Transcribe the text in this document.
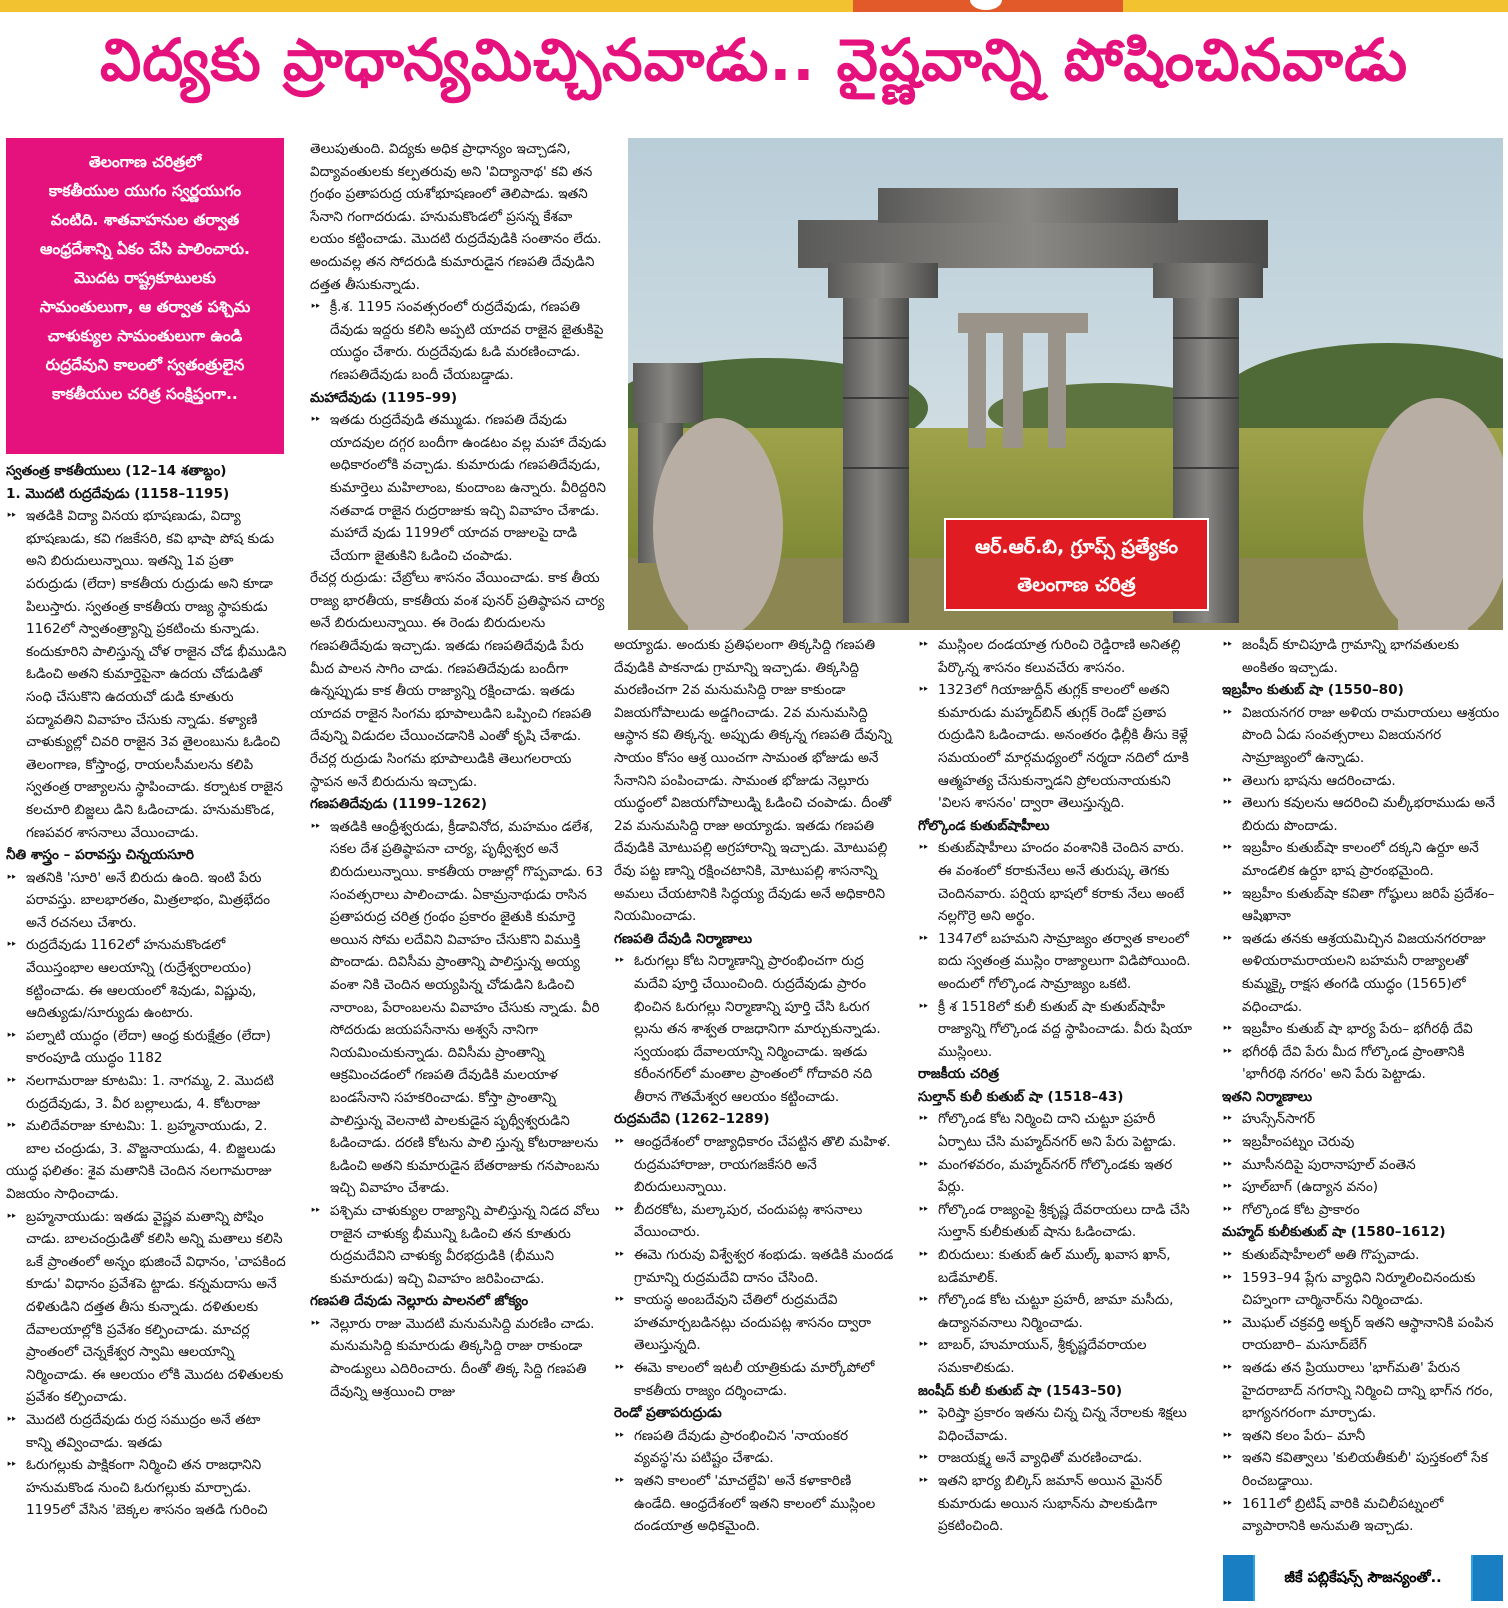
విద్యకు ప్రాధాన్యమిచ్చినవాడు.. వైష్ణవాన్ని పోషించినవాడు
తెలంగాణ చరిత్రలో
కాకతీయుల యుగం స్వర్ణయుగం
వంటిది. శాతవాహనుల తర్వాత
ఆంధ్రదేశాన్ని ఏకం చేసి పాలించారు.
మొదట రాష్ట్రకూటులకు
సామంతులుగా, ఆ తర్వాత పశ్చిమ
చాళుక్యుల సామంతులుగా ఉండి
రుద్రదేవుని కాలంలో స్వతంత్రులైన
కాకతీయుల చరిత్ర సంక్షిప్తంగా..

స్వతంత్ర కాకతీయులు (12–14 శతాబ్దం)

1. మొదటి రుద్రదేవుడు (1158–1195)

⯈⯈ ఇతడికి విద్యా వినయ భూషణుడు, విద్యా భూషణుడు, కవి గజకేసరి, కవి భాషా పోష కుడు అని బిరుదులున్నాయి. ఇతన్ని 1వ ప్రతా పరుద్రుడు (లేదా) కాకతీయ రుద్రుడు అని కూడా పిలుస్తారు. స్వతంత్ర కాకతీయ రాజ్య స్థాపకుడు 1162లో స్వాతంత్ర్యాన్ని ప్రకటించు కున్నాడు. కందుకూరిని పాలిస్తున్న చోళ రాజైన చోడ భీముడిని ఓడించి అతని కుమార్తెపైనా ఉదయ చోడుడితో సంధి చేసుకొని ఉదయచో డుడి కూతురు పద్మావతిని వివాహం చేసుకు న్నాడు. కళ్యాణి చాళుక్యుల్లో చివరి రాజైన 3వ తైలంబును ఓడించి తెలంగాణ, కోస్తాంధ్ర, రాయలసీమలను కలిపి స్వతంత్ర రాజ్యాలను స్థాపించాడు. కర్నాటక రాజైన కలచూరి బిజ్జలు డిని ఓడించాడు. హనుమకొండ, గణపవర శాసనాలు వేయించాడు.

నీతి శాస్త్రం – పరావస్తు చిన్నయసూరి

⯈⯈ ఇతనికి 'సూరి' అనే బిరుదు ఉంది. ఇంటి పేరు పరావస్తు. బాలభారతం, మిత్రలాభం, మిత్రభేదం అనే రచనలు చేశారు.

⯈⯈ రుద్రదేవుడు 1162లో హనుమకొండలో వేయిస్తంభాల ఆలయాన్ని (రుద్రేశ్వరాలయం) కట్టించాడు. ఈ ఆలయంలో శివుడు, విష్ణువు, ఆదిత్యుడు/సూర్యుడు ఉంటారు.

⯈⯈ పల్నాటి యుద్ధం (లేదా) ఆంధ్ర కురుక్షేత్రం (లేదా) కారంపూడి యుద్ధం 1182

⯈⯈ నలగామరాజు కూటమి: 1. నాగమ్మ, 2. మొదటి రుద్రదేవుడు, 3. వీర బల్లాలుడు, 4. కోటరాజు

⯈⯈ మలిదేవరాజు కూటమి: 1. బ్రహ్మనాయుడు, 2. బాల చంద్రుడు, 3. వొజ్జనాయుడు, 4. బిజ్జలుడు

యుద్ధ ఫలితం: శైవ మతానికి చెందిన నలగామరాజు విజయం సాధించాడు.

⯈⯈ బ్రహ్మనాయుడు: ఇతడు వైష్ణవ మతాన్ని పోషిం చాడు. బాలచంద్రుడితో కలిసి అన్ని మతాలు కలిసి ఒకే ప్రాంతంలో అన్నం భుజించే విధానం, 'చాపకింద కూడు' విధానం ప్రవేశపె ట్టాడు. కన్నమదాసు అనే దళితుడిని దత్తత తీసు కున్నాడు. దళితులకు దేవాలయాల్లోకి ప్రవేశం కల్పించాడు. మాచర్ల ప్రాంతంలో చెన్నకేశ్వర స్వామి ఆలయాన్ని నిర్మించాడు. ఈ ఆలయం లోకి మొదట దళితులకు ప్రవేశం కల్పించాడు.

⯈⯈ మొదటి రుద్రదేవుడు రుద్ర సముద్రం అనే తటా కాన్ని తవ్వించాడు. ఇతడు

⯈⯈ ఓరుగల్లుకు పాక్షికంగా నిర్మించి తన రాజధానిని హనుమకొండ నుంచి ఓరుగల్లుకు మార్చాడు. 1195లో వేసిన 'బెక్కల శాసనం ఇతడి గురించి

తెలుపుతుంది. విద్యకు అధిక ప్రాధాన్యం ఇచ్చాడని, విద్యావంతులకు కల్పతరువు అని 'విద్యానాథ' కవి తన గ్రంథం ప్రతాపరుద్ర యశోభూషణంలో తెలిపాడు. ఇతని సేనాని గంగాదరుడు. హనుమకొండలో ప్రసన్న కేశవా లయం కట్టించాడు. మొదటి రుద్రదేవుడికి సంతానం లేదు. అందువల్ల తన సోదరుడి కుమారుడైన గణపతి దేవుడిని దత్తత తీసుకున్నాడు.

⯈⯈ క్రీ.శ. 1195 సంవత్సరంలో రుద్రదేవుడు, గణపతి దేవుడు ఇద్దరు కలిసి అప్పటి యాదవ రాజైన జైతుకిపై యుద్ధం చేశారు. రుద్రదేవుడు ఓడి మరణించాడు. గణపతిదేవుడు బందీ చేయబడ్డాడు.

మహాదేవుడు (1195–99)

⯈⯈ ఇతడు రుద్రదేవుడి తమ్ముడు. గణపతి దేవుడు యాదవుల దగ్గర బందీగా ఉండటం వల్ల మహా దేవుడు అధికారంలోకి వచ్చాడు. కుమారుడు గణపతిదేవుడు, కుమార్తెలు మహిలాంబ, కుందాంబ ఉన్నారు. వీరిద్దరిని నతవాడ రాజైన రుద్రరాజుకు ఇచ్చి వివాహం చేశాడు. మహాదే వుడు 1199లో యాదవ రాజులపై దాడి చేయగా జైతుకిని ఓడించి చంపాడు.

రేచర్ల రుద్రుడు: చేబ్రోలు శాసనం వేయించాడు. కాక తీయ రాజ్య భారతీయ, కాకతీయ వంశ పునర్ ప్రతిష్ఠాపన చార్య అనే బిరుదులున్నాయి. ఈ రెండు బిరుదులను గణపతిదేవుడు ఇచ్చాడు. ఇతడు గణపతిదేవుడి పేరు మీద పాలన సాగిం చాడు. గణపతిదేవుడు బందీగా ఉన్నప్పుడు కాక తీయ రాజ్యాన్ని రక్షించాడు. ఇతడు యాదవ రాజైన సింగమ భూపాలుడిని ఒప్పించి గణపతి దేవున్ని విడుదల చేయించడానికి ఎంతో కృషి చేశాడు. రేచర్ల రుద్రుడు సింగమ భూపాలుడికి తెలుగలరాయ స్థాపన అనే బిరుదును ఇచ్చాడు.

గణపతిదేవుడు (1199–1262)

⯈⯈ ఇతడికి ఆంధ్రీశ్వరుడు, క్రీడావినోద, మహమం డలేశ, సకల దేశ ప్రతిష్ఠాపనా చార్య, పృథ్వీశ్వర అనే బిరుదులున్నాయి. కాకతీయ రాజుల్లో గొప్పవాడు. 63 సంవత్సరాలు పాలించాడు. ఏకామ్రనాథుడు రాసిన ప్రతాపరుద్ర చరిత్ర గ్రంథం ప్రకారం జైతుకి కుమార్తె అయిన సోమ లదేవిని వివాహం చేసుకొని విముక్తి పొందాడు. దివిసీమ ప్రాంతాన్ని పాలిస్తున్న అయ్య వంశా నికి చెందిన అయ్యపిన్న చోడుడిని ఓడించి నారాంబ, పేరాంబలను వివాహం చేసుకు న్నాడు. వీరి సోదరుడు జయపసేనాను అశ్వసే నానిగా నియమించుకున్నాడు. దివిసీమ ప్రాంతాన్ని ఆక్రమించడంలో గణపతి దేవుడికి మలయాళ బండసేనాని సహకరించాడు. కోస్తా ప్రాంతాన్ని పాలిస్తున్న వెలనాటి పాలకుడైన పృథ్వీశ్వరుడిని ఓడించాడు. దరణి కోటను పాలి స్తున్న కోటరాజులను ఓడించి అతని కుమారుడైన బేతరాజుకు గనపాంబను ఇచ్చి వివాహం చేశాడు.

⯈⯈ పశ్చిమ చాళుక్యుల రాజ్యాన్ని పాలిస్తున్న నిడద వోలు రాజైన చాళుక్య భీమున్ని ఓడించి తన కూతురు రుద్రమదేవిని చాళుక్య వీరభద్రుడికి (భీముని కుమారుడు) ఇచ్చి వివాహం జరిపించాడు.

గణపతి దేవుడు నెల్లూరు పాలనలో జోక్యం

⯈⯈ నెల్లూరు రాజు మొదటి మనుమసిద్ది మరణిం చాడు. మనుమసిద్ది కుమారుడు తిక్కసిద్ది రాజు రాకుండా పాండ్యులు ఎదిరించారు. దీంతో తిక్క సిద్ది గణపతి దేవున్ని ఆశ్రయించి రాజు

ఆర్.ఆర్.బి, గ్రూప్స్ ప్రత్యేకం
తెలంగాణ చరిత్ర

అయ్యాడు. అందుకు ప్రతిఫలంగా తిక్కసిద్ది గణపతి దేవుడికి పాకనాడు గ్రామాన్ని ఇచ్చాడు. తిక్కసిద్ది మరణించగా 2వ మనుమసిద్ది రాజు కాకుండా విజయగోపాలుడు అడ్డగించాడు. 2వ మనుమసిద్ది ఆస్థాన కవి తిక్కన్న. అప్పుడు తిక్కన్న గణపతి దేవున్ని సాయం కోసం ఆశ్ర యించగా సామంత భోజుడు అనే సేనానిని పంపించాడు. సామంత భోజుడు నెల్లూరు యుద్ధంలో విజయగోపాలుడ్ని ఓడించి చంపాడు. దీంతో 2వ మనుమసిద్ది రాజు అయ్యాడు. ఇతడు గణపతి దేవుడికి మోటుపల్లి అగ్రహారాన్ని ఇచ్చాడు. మోటుపల్లి రేవు పట్ట ణాన్ని రక్షించటానికి, మోటుపల్లి శాసనాన్ని అమలు చేయటానికి సిద్ధయ్య దేవుడు అనే అధికారిని నియమించాడు.

గణపతి దేవుడి నిర్మాణాలు

⯈⯈ ఓరుగల్లు కోట నిర్మాణాన్ని ప్రారంభించగా రుద్ర మదేవి పూర్తి చేయించింది. రుద్రదేవుడు ప్రారం భించిన ఓరుగల్లు నిర్మాణాన్ని పూర్తి చేసి ఓరుగ ల్లును తన శాశ్వత రాజధానిగా మార్చుకున్నాడు. స్వయంభు దేవాలయాన్ని నిర్మించాడు. ఇతడు కరీంనగర్‌లో మంతాల ప్రాంతంలో గోదావరి నది తీరాన గౌతమేశ్వర ఆలయం కట్టించాడు.

రుద్రమదేవి (1262–1289)

⯈⯈ ఆంధ్రదేశంలో రాజ్యాధికారం చేపట్టిన తొలి మహిళ. రుద్రమహారాజు, రాయగజకేసరి అనే బిరుదులున్నాయి.

⯈⯈ బీదరకోట, మల్కాపుర, చందుపట్ల శాసనాలు వేయించారు.

⯈⯈ ఈమె గురువు విశ్వేశ్వర శంభుడు. ఇతడికి మందడ గ్రామాన్ని రుద్రమదేవి దానం చేసింది.

⯈⯈ కాయస్థ అంబదేవుని చేతిలో రుద్రమదేవి హతమార్చబడినట్లు చందుపట్ల శాసనం ద్వారా తెలుస్తున్నది.

⯈⯈ ఈమె కాలంలో ఇటలీ యాత్రికుడు మార్కోపోలో కాకతీయ రాజ్యం దర్శించాడు.

రెండో ప్రతాపరుద్రుడు

⯈⯈ గణపతి దేవుడు ప్రారంభించిన 'నాయంకర వ్యవస్థ'ను పటిష్టం చేశాడు.

⯈⯈ ఇతని కాలంలో 'మాచల్దేవి' అనే కళాకారిణి ఉండేది. ఆంధ్రదేశంలో ఇతని కాలంలో ముస్లింల దండయాత్ర అధికమైంది.

⯈⯈ ముస్లింల దండయాత్ర గురించి రెడ్డిరాణి అనితల్లి పేర్కొన్న శాసనం కలువచేరు శాసనం.

⯈⯈ 1323లో గియాజుద్దీన్ తుగ్లక్ కాలంలో అతని కుమారుడు మహ్మద్‌బిన్ తుగ్లక్ రెండో ప్రతాప రుద్రుడిని ఓడించాడు. అనంతరం ఢిల్లీకి తీసు కెళ్లే సమయంలో మార్గమధ్యంలో నర్మదా నదిలో దూకి ఆత్మహత్య చేసుకున్నాడని ప్రోలయనాయకుని 'విలస శాసనం' ద్వారా తెలుస్తున్నది.

గోల్కొండ కుతుబ్‌షాహీలు

⯈⯈ కుతుబ్‌షాహీలు హందం వంశానికి చెందిన వారు. ఈ వంశంలో కరాకునేలు అనే తురుష్క తెగకు చెందినవారు. పర్షియ భాషలో కరాకు నేలు అంటే నల్లగొర్రె అని అర్థం.

⯈⯈ 1347లో బహమని సామ్రాజ్యం తర్వాత కాలంలో ఐదు స్వతంత్ర ముస్లిం రాజ్యాలుగా విడిపోయింది. అందులో గోల్కొండ సామ్రాజ్యం ఒకటి.

⯈⯈ క్రీ శ 1518లో కులీ కుతుబ్ షా కుతుబ్‌షాహీ రాజ్యాన్ని గోల్కొండ వద్ద స్థాపించాడు. వీరు షియా ముస్లింలు.

రాజకీయ చరిత్ర

సుల్తాన్ కులీ కుతుబ్ షా (1518–43)

⯈⯈ గోల్కొండ కోట నిర్మించి దాని చుట్టూ ప్రహరీ ఏర్పాటు చేసి మహ్మద్‌నగర్ అని పేరు పెట్టాడు.

⯈⯈ మంగళవరం, మహ్మద్‌నగర్ గోల్కొండకు ఇతర పేర్లు.

⯈⯈ గోల్కొండ రాజ్యంపై శ్రీకృష్ణ దేవరాయలు దాడి చేసి సుల్తాన్ కులీకుతుబ్ షాను ఓడించాడు.

⯈⯈ బిరుదులు: కుతుబ్ ఉల్ ముల్క్ ఖవాస ఖాన్, బడేమాలిక్.

⯈⯈ గోల్కొండ కోట చుట్టూ ప్రహరీ, జామా మసీదు, ఉద్యానవనాలు నిర్మించాడు.

⯈⯈ బాబర్, హుమాయున్, శ్రీకృష్ణదేవరాయల సమకాలికుడు.

జంషీద్ కులీ కుతుబ్ షా (1543–50)

⯈⯈ ఫెరిష్తా ప్రకారం ఇతను చిన్న చిన్న నేరాలకు శిక్షలు విధించేవాడు.

⯈⯈ రాజయక్ష్మ అనే వ్యాధితో మరణించాడు.

⯈⯈ ఇతని భార్య బిల్కిస్ జమాన్ అయిన మైనర్ కుమారుడు అయిన సుభాన్‌ను పాలకుడిగా ప్రకటించింది.

⯈⯈ జంషీద్ కూచిపూడి గ్రామాన్ని భాగవతులకు అంకితం ఇచ్చాడు.

ఇబ్రహీం కుతుబ్ షా (1550–80)

⯈⯈ విజయనగర రాజు అళియ రామరాయలు ఆశ్రయం పొంది ఏడు సంవత్సరాలు విజయనగర సామ్రాజ్యంలో ఉన్నాడు.

⯈⯈ తెలుగు భాషను ఆదరించాడు.

⯈⯈ తెలుగు కవులను ఆదరించి మల్కీభరాముడు అనే బిరుదు పొందాడు.

⯈⯈ ఇబ్రహీం కుతుబ్‌షా కాలంలో దక్కని ఉర్దూ అనే మాండలిక ఉర్దూ భాష ప్రారంభమైంది.

⯈⯈ ఇబ్రహీం కుతుబ్‌షా కవితా గోష్ఠులు జరిపే ప్రదేశం– ఆషిఖానా

⯈⯈ ఇతడు తనకు ఆశ్రయమిచ్చిన విజయనగరరాజు అళియరామరాయలని బహమనీ రాజ్యాలతో కుమ్మక్కై రాక్షస తంగడి యుద్ధం (1565)లో వధించాడు.

⯈⯈ ఇబ్రహీం కుతుబ్ షా భార్య పేరు– భగీరథీ దేవి

⯈⯈ భగీరథీ దేవి పేరు మీద గోల్కొండ ప్రాంతానికి 'భాగీరథి నగరం' అని పేరు పెట్టాడు.

ఇతని నిర్మాణాలు

⯈⯈ హుస్సేన్‌సాగర్

⯈⯈ ఇబ్రహీంపట్నం చెరువు

⯈⯈ మూసీనదిపై పురానాపూల్ వంతెన

⯈⯈ పూల్‌బాగ్ (ఉద్యాన వనం)

⯈⯈ గోల్కొండ కోట ప్రాకారం

మహ్మద్ కులీకుతుబ్ షా (1580–1612)

⯈⯈ కుతుబ్‌షాహీలలో అతి గొప్పవాడు.

⯈⯈ 1593–94 ప్లేగు వ్యాధిని నిర్మూలించినందుకు చిహ్నంగా చార్మినార్‌ను నిర్మించాడు.

⯈⯈ మొఘల్ చక్రవర్తి అక్బర్ ఇతని ఆస్థానానికి పంపిన రాయబారి– మసూద్‌బేగ్

⯈⯈ ఇతడు తన ప్రియురాలు 'భాగ్‌మతి' పేరున హైదరాబాద్ నగరాన్ని నిర్మించి దాన్ని భాగ్‌న గరం, భాగ్యనగరంగా మార్చాడు.

⯈⯈ ఇతని కలం పేరు– మానీ

⯈⯈ ఇతని కవిత్వాలు 'కులియతీకులీ' పుస్తకంలో సేక రించబడ్డాయి.

⯈⯈ 1611లో బ్రిటిష్ వారికి మచిలీపట్నంలో వ్యాపారానికి అనుమతి ఇచ్చాడు.

జీకే పబ్లికేషన్స్ సౌజన్యంతో..
